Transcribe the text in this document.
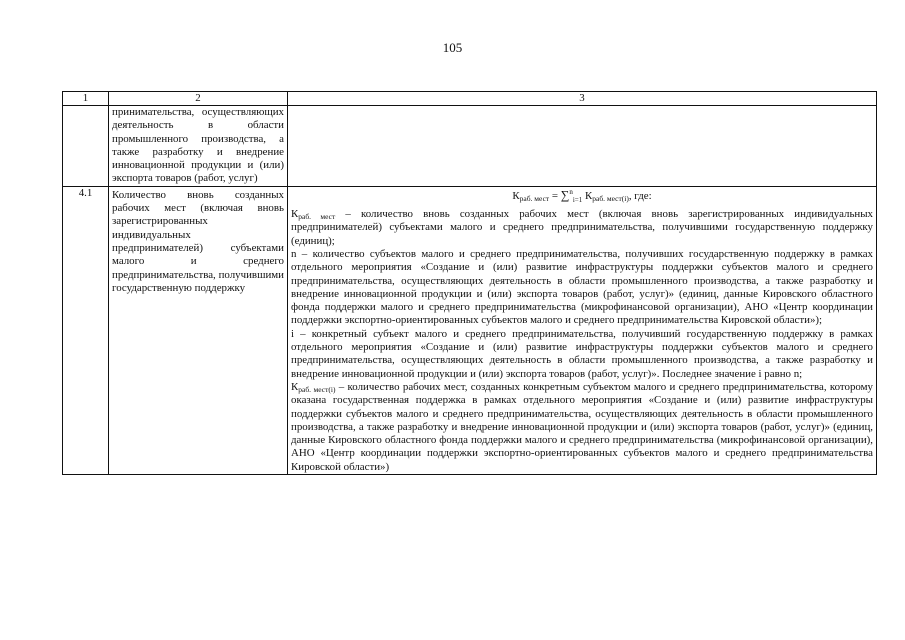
105
1	2	3
	принимательства, осуществляющих деятельность в области промышленного производства, а также разработку и внедрение инновационной продукции и (или) экспорта товаров (работ, услуг)	
4.1	Количество вновь созданных рабочих мест (включая вновь зарегистрированных индивидуальных предпринимателей) субъектами малого и среднего предпринимательства, получившими государственную поддержку	Краб. мест = ∑$^n_{i=1}$ Краб. мест(i), где:

Краб. мест – количество вновь созданных рабочих мест (включая вновь зарегистрированных индивидуальных предпринимателей) субъектами малого и среднего предпринимательства, получившими государственную поддержку (единиц);

n – количество субъектов малого и среднего предпринимательства, получивших государственную поддержку в рамках отдельного мероприятия «Создание и (или) развитие инфраструктуры поддержки субъектов малого и среднего предпринимательства, осуществляющих деятельность в области промышленного производства, а также разработку и внедрение инновационной продукции и (или) экспорта товаров (работ, услуг)» (единиц, данные Кировского областного фонда поддержки малого и среднего предпринимательства (микрофинансовой организации), АНО «Центр координации поддержки экспортно-ориентированных субъектов малого и среднего предпринимательства Кировской области»);

i – конкретный субъект малого и среднего предпринимательства, получивший государственную поддержку в рамках отдельного мероприятия «Создание и (или) развитие инфраструктуры поддержки субъектов малого и среднего предпринимательства, осуществляющих деятельность в области промышленного производства, а также разработку и внедрение инновационной продукции и (или) экспорта товаров (работ, услуг)». Последнее значение i равно n;

Краб. мест(i) – количество рабочих мест, созданных конкретным субъектом малого и среднего предпринимательства, которому оказана государственная поддержка в рамках отдельного мероприятия «Создание и (или) развитие инфраструктуры поддержки субъектов малого и среднего предпринимательства, осуществляющих деятельность в области промышленного производства, а также разработку и внедрение инновационной продукции и (или) экспорта товаров (работ, услуг)» (единиц, данные Кировского областного фонда поддержки малого и среднего предпринимательства (микрофинансовой организации), АНО «Центр координации поддержки экспортно-ориентированных субъектов малого и среднего предпринимательства Кировской области»)
